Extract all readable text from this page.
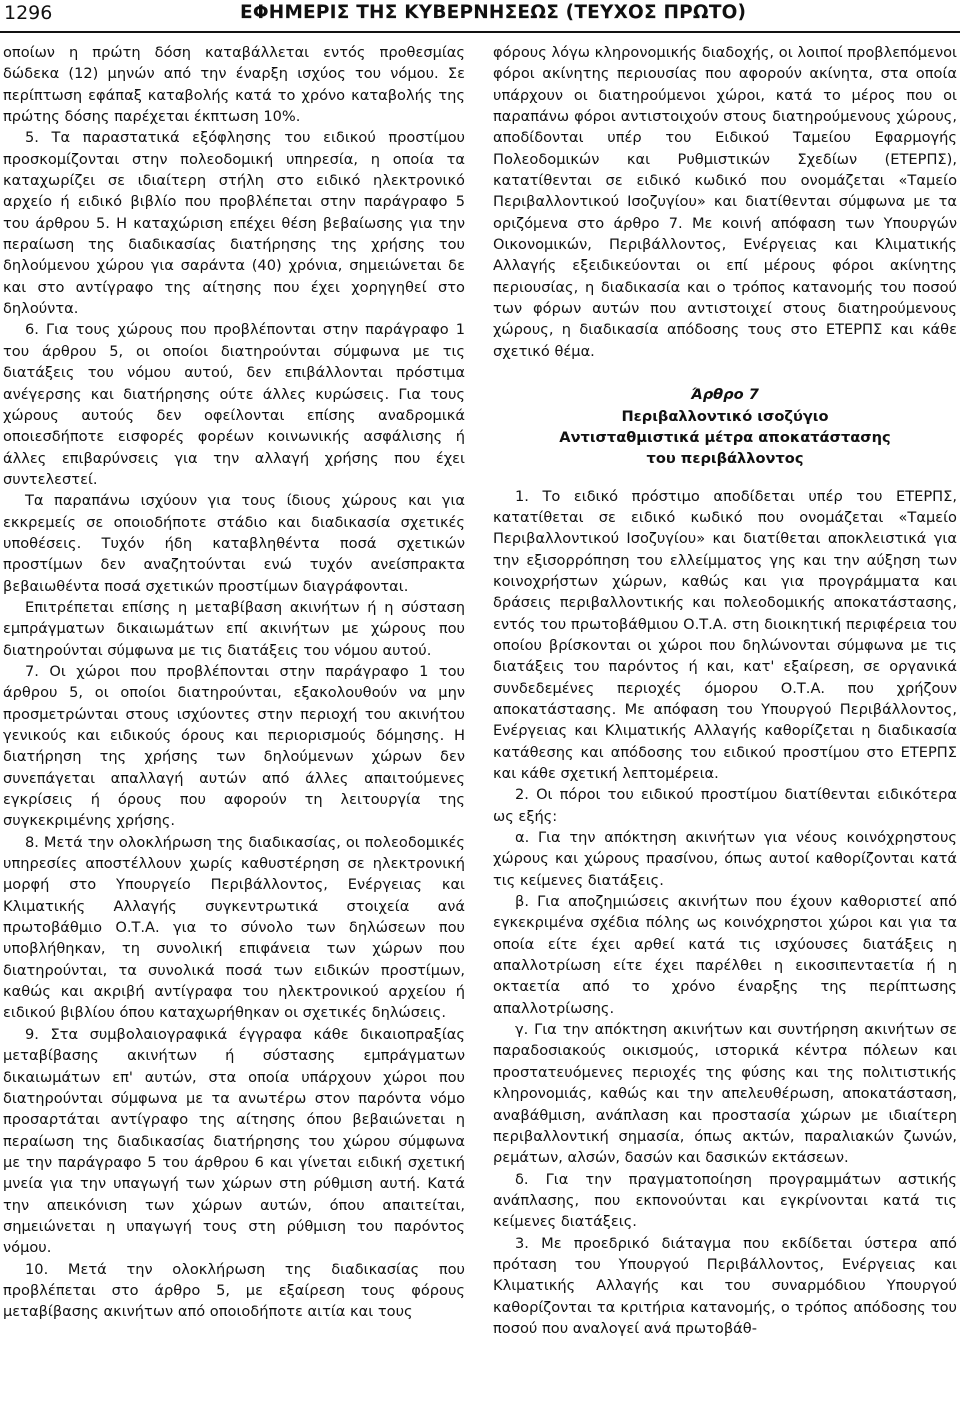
1296	ΕΦΗΜΕΡΙΣ ΤΗΣ ΚΥΒΕΡΝΗΣΕΩΣ (ΤΕΥΧΟΣ ΠΡΩΤΟ)

οποίων η πρώτη δόση καταβάλλεται εντός προθεσμίας δώδεκα (12) μηνών από την έναρξη ισχύος του νόμου. Σε περίπτωση εφάπαξ καταβολής κατά το χρόνο καταβολής της πρώτης δόσης παρέχεται έκπτωση 10%.

5. Τα παραστατικά εξόφλησης του ειδικού προστίμου προσκομίζονται στην πολεοδομική υπηρεσία, η οποία τα καταχωρίζει σε ιδιαίτερη στήλη στο ειδικό ηλεκτρονικό αρχείο ή ειδικό βιβλίο που προβλέπεται στην παράγραφο 5 του άρθρου 5. Η καταχώριση επέχει θέση βεβαίωσης για την περαίωση της διαδικασίας διατήρησης της χρήσης του δηλούμενου χώρου για σαράντα (40) χρόνια, σημειώνεται δε και στο αντίγραφο της αίτησης που έχει χορηγηθεί στο δηλούντα.

6. Για τους χώρους που προβλέπονται στην παράγραφο 1 του άρθρου 5, οι οποίοι διατηρούνται σύμφωνα με τις διατάξεις του νόμου αυτού, δεν επιβάλλονται πρόστιμα ανέγερσης και διατήρησης ούτε άλλες κυρώσεις. Για τους χώρους αυτούς δεν οφείλονται επίσης αναδρομικά οποιεσδήποτε εισφορές φορέων κοινωνικής ασφάλισης ή άλλες επιβαρύνσεις για την αλλαγή χρήσης που έχει συντελεστεί.

Τα παραπάνω ισχύουν για τους ίδιους χώρους και για εκκρεμείς σε οποιοδήποτε στάδιο και διαδικασία σχετικές υποθέσεις. Τυχόν ήδη καταβληθέντα ποσά σχετικών προστίμων δεν αναζητούνται ενώ τυχόν ανείσπρακτα βεβαιωθέντα ποσά σχετικών προστίμων διαγράφονται.

Επιτρέπεται επίσης η μεταβίβαση ακινήτων ή η σύσταση εμπράγματων δικαιωμάτων επί ακινήτων με χώρους που διατηρούνται σύμφωνα με τις διατάξεις του νόμου αυτού.

7. Οι χώροι που προβλέπονται στην παράγραφο 1 του άρθρου 5, οι οποίοι διατηρούνται, εξακολουθούν να μην προσμετρώνται στους ισχύοντες στην περιοχή του ακινήτου γενικούς και ειδικούς όρους και περιορισμούς δόμησης. Η διατήρηση της χρήσης των δηλούμενων χώρων δεν συνεπάγεται απαλλαγή αυτών από άλλες απαιτούμενες εγκρίσεις ή όρους που αφορούν τη λειτουργία της συγκεκριμένης χρήσης.

8. Μετά την ολοκλήρωση της διαδικασίας, οι πολεοδομικές υπηρεσίες αποστέλλουν χωρίς καθυστέρηση σε ηλεκτρονική μορφή στο Υπουργείο Περιβάλλοντος, Ενέργειας και Κλιματικής Αλλαγής συγκεντρωτικά στοιχεία ανά πρωτοβάθμιο Ο.Τ.Α. για το σύνολο των δηλώσεων που υποβλήθηκαν, τη συνολική επιφάνεια των χώρων που διατηρούνται, τα συνολικά ποσά των ειδικών προστίμων, καθώς και ακριβή αντίγραφα του ηλεκτρονικού αρχείου ή ειδικού βιβλίου όπου καταχωρήθηκαν οι σχετικές δηλώσεις.

9. Στα συμβολαιογραφικά έγγραφα κάθε δικαιοπραξίας μεταβίβασης ακινήτων ή σύστασης εμπράγματων δικαιωμάτων επ' αυτών, στα οποία υπάρχουν χώροι που διατηρούνται σύμφωνα με τα ανωτέρω στον παρόντα νόμο προσαρτάται αντίγραφο της αίτησης όπου βεβαιώνεται η περαίωση της διαδικασίας διατήρησης του χώρου σύμφωνα με την παράγραφο 5 του άρθρου 6 και γίνεται ειδική σχετική μνεία για την υπαγωγή των χώρων στη ρύθμιση αυτή. Κατά την απεικόνιση των χώρων αυτών, όπου απαιτείται, σημειώνεται η υπαγωγή τους στη ρύθμιση του παρόντος νόμου.

10. Μετά την ολοκλήρωση της διαδικασίας που προβλέπεται στο άρθρο 5, με εξαίρεση τους φόρους μεταβίβασης ακινήτων από οποιοδήποτε αιτία και τους

φόρους λόγω κληρονομικής διαδοχής, οι λοιποί προβλεπόμενοι φόροι ακίνητης περιουσίας που αφορούν ακίνητα, στα οποία υπάρχουν οι διατηρούμενοι χώροι, κατά το μέρος που οι παραπάνω φόροι αντιστοιχούν στους διατηρούμενους χώρους, αποδίδονται υπέρ του Ειδικού Ταμείου Εφαρμογής Πολεοδομικών και Ρυθμιστικών Σχεδίων (ΕΤΕΡΠΣ), κατατίθενται σε ειδικό κωδικό που ονομάζεται «Ταμείο Περιβαλλοντικού Ισοζυγίου» και διατίθενται σύμφωνα με τα οριζόμενα στο άρθρο 7. Με κοινή απόφαση των Υπουργών Οικονομικών, Περιβάλλοντος, Ενέργειας και Κλιματικής Αλλαγής εξειδικεύονται οι επί μέρους φόροι ακίνητης περιουσίας, η διαδικασία και ο τρόπος κατανομής του ποσού των φόρων αυτών που αντιστοιχεί στους διατηρούμενους χώρους, η διαδικασία απόδοσης τους στο ΕΤΕΡΠΣ και κάθε σχετικό θέμα.

Άρθρο 7
Περιβαλλοντικό ισοζύγιο
Αντισταθμιστικά μέτρα αποκατάστασης
του περιβάλλοντος

1. Το ειδικό πρόστιμο αποδίδεται υπέρ του ΕΤΕΡΠΣ, κατατίθεται σε ειδικό κωδικό που ονομάζεται «Ταμείο Περιβαλλοντικού Ισοζυγίου» και διατίθεται αποκλειστικά για την εξισορρόπηση του ελλείμματος γης και την αύξηση των κοινοχρήστων χώρων, καθώς και για προγράμματα και δράσεις περιβαλλοντικής και πολεοδομικής αποκατάστασης, εντός του πρωτοβάθμιου Ο.Τ.Α. στη διοικητική περιφέρεια του οποίου βρίσκονται οι χώροι που δηλώνονται σύμφωνα με τις διατάξεις του παρόντος ή και, κατ' εξαίρεση, σε οργανικά συνδεδεμένες περιοχές όμορου Ο.Τ.Α. που χρήζουν αποκατάστασης. Με απόφαση του Υπουργού Περιβάλλοντος, Ενέργειας και Κλιματικής Αλλαγής καθορίζεται η διαδικασία κατάθεσης και απόδοσης του ειδικού προστίμου στο ΕΤΕΡΠΣ και κάθε σχετική λεπτομέρεια.

2. Οι πόροι του ειδικού προστίμου διατίθενται ειδικότερα ως εξής:

α. Για την απόκτηση ακινήτων για νέους κοινόχρηστους χώρους και χώρους πρασίνου, όπως αυτοί καθορίζονται κατά τις κείμενες διατάξεις.

β. Για αποζημιώσεις ακινήτων που έχουν καθοριστεί από εγκεκριμένα σχέδια πόλης ως κοινόχρηστοι χώροι και για τα οποία είτε έχει αρθεί κατά τις ισχύουσες διατάξεις η απαλλοτρίωση είτε έχει παρέλθει η εικοσιπενταετία ή η οκταετία από το χρόνο έναρξης της περίπτωσης απαλλοτρίωσης.

γ. Για την απόκτηση ακινήτων και συντήρηση ακινήτων σε παραδοσιακούς οικισμούς, ιστορικά κέντρα πόλεων και προστατευόμενες περιοχές της φύσης και της πολιτιστικής κληρονομιάς, καθώς και την απελευθέρωση, αποκατάσταση, αναβάθμιση, ανάπλαση και προστασία χώρων με ιδιαίτερη περιβαλλοντική σημασία, όπως ακτών, παραλιακών ζωνών, ρεμάτων, αλσών, δασών και δασικών εκτάσεων.

δ. Για την πραγματοποίηση προγραμμάτων αστικής ανάπλασης, που εκπονούνται και εγκρίνονται κατά τις κείμενες διατάξεις.

3. Με προεδρικό διάταγμα που εκδίδεται ύστερα από πρόταση του Υπουργού Περιβάλλοντος, Ενέργειας και Κλιματικής Αλλαγής και του συναρμόδιου Υπουργού καθορίζονται τα κριτήρια κατανομής, ο τρόπος απόδοσης του ποσού που αναλογεί ανά πρωτοβάθ-
